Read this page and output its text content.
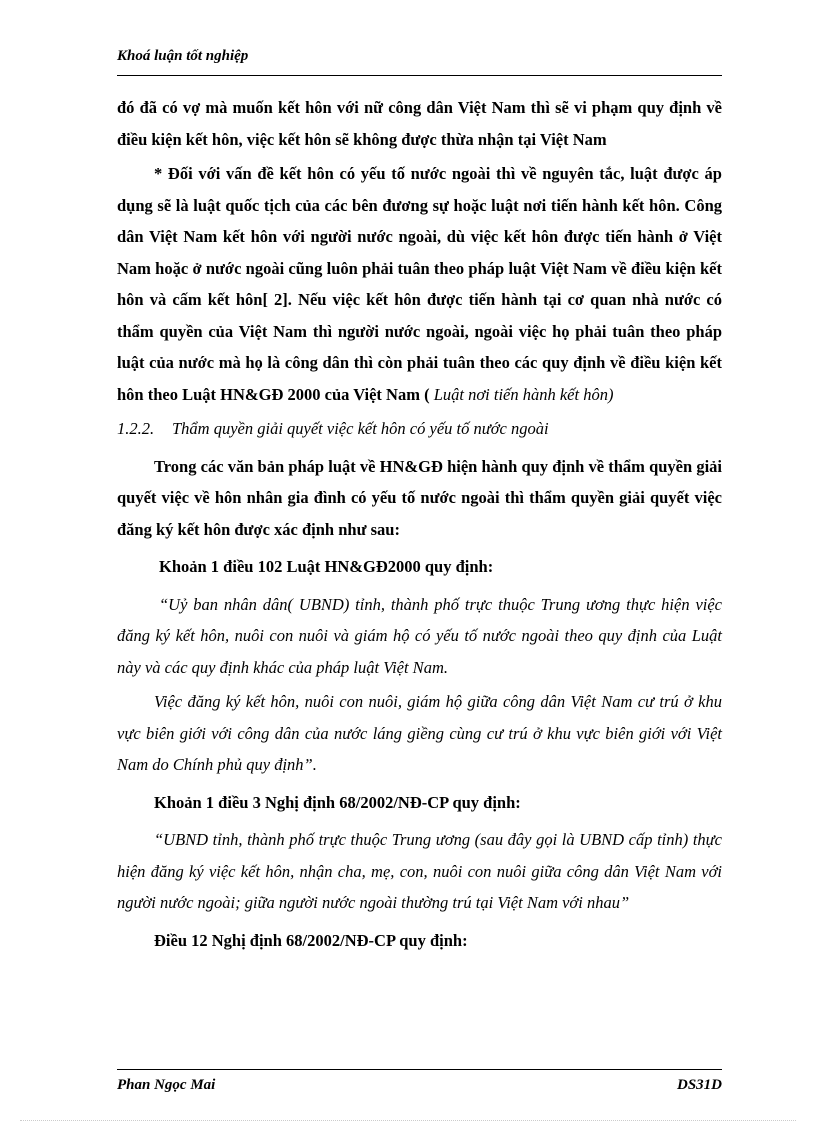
Khoá luận tốt nghiệp

đó đã có vợ mà muốn kết hôn với nữ công dân Việt Nam thì sẽ vi phạm quy định về điều kiện kết hôn, việc kết hôn sẽ không được thừa nhận tại Việt Nam

* Đối với vấn đề kết hôn có yếu tố nước ngoài thì về nguyên tắc, luật được áp dụng sẽ là luật quốc tịch của các bên đương sự hoặc luật nơi tiến hành kết hôn. Công dân Việt Nam kết hôn với người nước ngoài, dù việc kết hôn được tiến hành ở Việt Nam hoặc ở nước ngoài cũng luôn phải tuân theo pháp luật Việt Nam về điều kiện kết hôn và cấm kết hôn[ 2]. Nếu việc kết hôn được tiến hành tại cơ quan nhà nước có thẩm quyền của Việt Nam thì người nước ngoài, ngoài việc họ phải tuân theo pháp luật của nước mà họ là công dân thì còn phải tuân theo các quy định về điều kiện kết hôn theo Luật HN&GĐ 2000 của Việt Nam ( Luật nơi tiến hành kết hôn)

1.2.2. Thẩm quyền giải quyết việc kết hôn có yếu tố nước ngoài

Trong các văn bản pháp luật về HN&GĐ hiện hành quy định về thẩm quyền giải quyết việc về hôn nhân gia đình có yếu tố nước ngoài thì thẩm quyền giải quyết việc đăng ký kết hôn được xác định như sau:

Khoản 1 điều 102 Luật HN&GĐ2000 quy định:

“Uỷ ban nhân dân( UBND) tỉnh, thành phố trực thuộc Trung ương thực hiện việc đăng ký kết hôn, nuôi con nuôi và giám hộ có yếu tố nước ngoài theo quy định của Luật này và các quy định khác của pháp luật Việt Nam.

Việc đăng ký kết hôn, nuôi con nuôi, giám hộ giữa công dân Việt Nam cư trú ở khu vực biên giới với công dân của nước láng giềng cùng cư trú ở khu vực biên giới với Việt Nam do Chính phủ quy định”.

Khoản 1 điều 3 Nghị định 68/2002/NĐ-CP quy định:

“UBND tỉnh, thành phố trực thuộc Trung ương (sau đây gọi là UBND cấp tỉnh) thực hiện đăng ký việc kết hôn, nhận cha, mẹ, con, nuôi con nuôi giữa công dân Việt Nam với người nước ngoài; giữa người nước ngoài thường trú tại Việt Nam với nhau”

Điều 12 Nghị định 68/2002/NĐ-CP quy định:

Phan Ngọc Mai	DS31D
